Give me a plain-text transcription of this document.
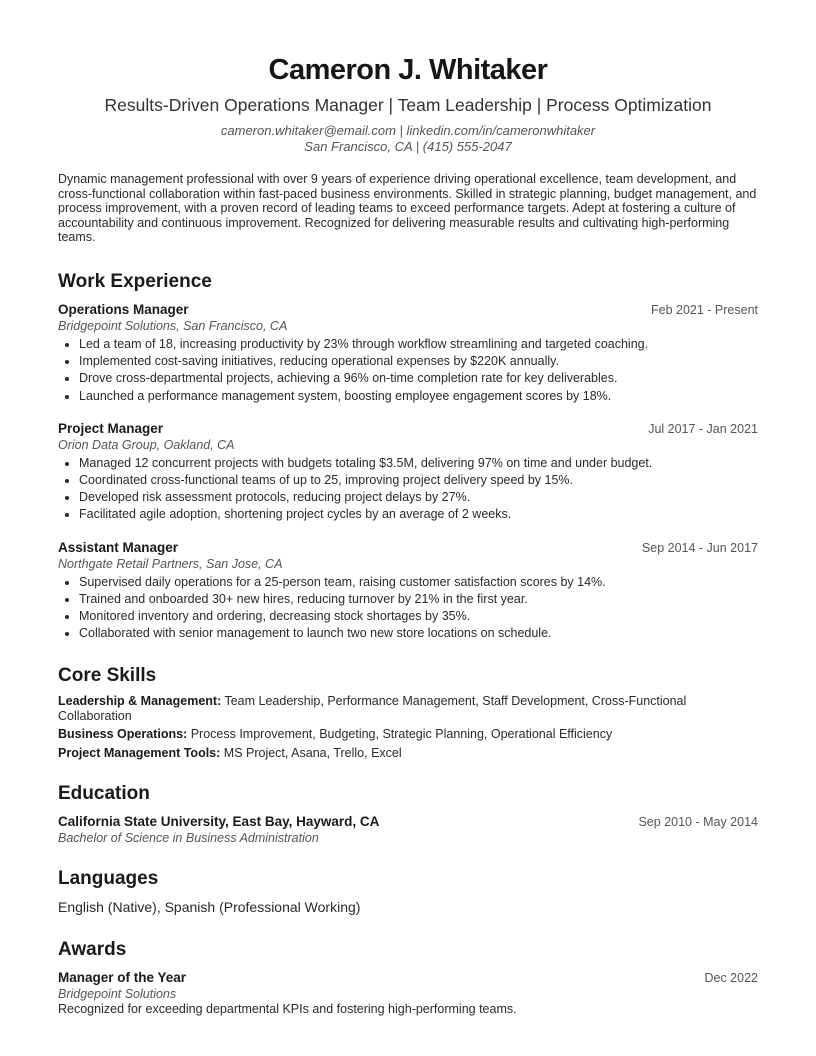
Cameron J. Whitaker
Results-Driven Operations Manager | Team Leadership | Process Optimization
cameron.whitaker@email.com | linkedin.com/in/cameronwhitaker
San Francisco, CA | (415) 555-2047
Dynamic management professional with over 9 years of experience driving operational excellence, team development, and cross-functional collaboration within fast-paced business environments. Skilled in strategic planning, budget management, and process improvement, with a proven record of leading teams to exceed performance targets. Adept at fostering a culture of accountability and continuous improvement. Recognized for delivering measurable results and cultivating high-performing teams.
Work Experience
Operations Manager	Feb 2021 - Present
Bridgepoint Solutions, San Francisco, CA
• Led a team of 18, increasing productivity by 23% through workflow streamlining and targeted coaching.
• Implemented cost-saving initiatives, reducing operational expenses by $220K annually.
• Drove cross-departmental projects, achieving a 96% on-time completion rate for key deliverables.
• Launched a performance management system, boosting employee engagement scores by 18%.
Project Manager	Jul 2017 - Jan 2021
Orion Data Group, Oakland, CA
• Managed 12 concurrent projects with budgets totaling $3.5M, delivering 97% on time and under budget.
• Coordinated cross-functional teams of up to 25, improving project delivery speed by 15%.
• Developed risk assessment protocols, reducing project delays by 27%.
• Facilitated agile adoption, shortening project cycles by an average of 2 weeks.
Assistant Manager	Sep 2014 - Jun 2017
Northgate Retail Partners, San Jose, CA
• Supervised daily operations for a 25-person team, raising customer satisfaction scores by 14%.
• Trained and onboarded 30+ new hires, reducing turnover by 21% in the first year.
• Monitored inventory and ordering, decreasing stock shortages by 35%.
• Collaborated with senior management to launch two new store locations on schedule.
Core Skills
Leadership & Management: Team Leadership, Performance Management, Staff Development, Cross-Functional Collaboration
Business Operations: Process Improvement, Budgeting, Strategic Planning, Operational Efficiency
Project Management Tools: MS Project, Asana, Trello, Excel
Education
California State University, East Bay, Hayward, CA	Sep 2010 - May 2014
Bachelor of Science in Business Administration
Languages
English (Native), Spanish (Professional Working)
Awards
Manager of the Year	Dec 2022
Bridgepoint Solutions
Recognized for exceeding departmental KPIs and fostering high-performing teams.
